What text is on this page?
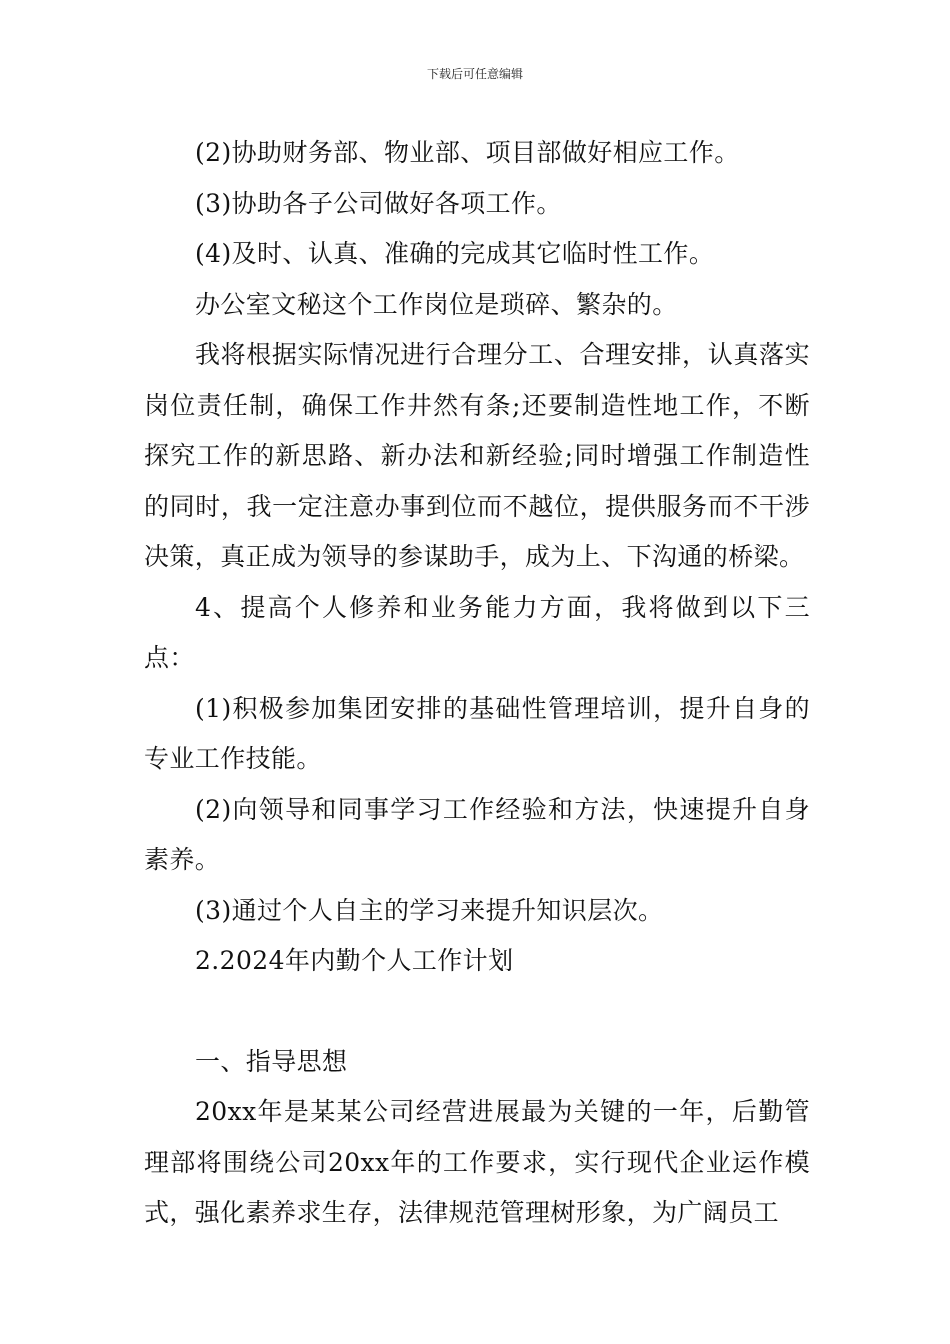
下载后可任意编辑

(2)协助财务部、物业部、项目部做好相应工作。

(3)协助各子公司做好各项工作。

(4)及时、认真、准确的完成其它临时性工作。

办公室文秘这个工作岗位是琐碎、繁杂的。

我将根据实际情况进行合理分工、合理安排，认真落实岗位责任制，确保工作井然有条;还要制造性地工作，不断探究工作的新思路、新办法和新经验;同时增强工作制造性的同时，我一定注意办事到位而不越位，提供服务而不干涉决策，真正成为领导的参谋助手，成为上、下沟通的桥梁。

4、提高个人修养和业务能力方面，我将做到以下三点：

(1)积极参加集团安排的基础性管理培训，提升自身的专业工作技能。

(2)向领导和同事学习工作经验和方法，快速提升自身素养。

(3)通过个人自主的学习来提升知识层次。

2.2024年内勤个人工作计划

一、指导思想

20xx年是某某公司经营进展最为关键的一年，后勤管理部将围绕公司20xx年的工作要求，实行现代企业运作模式，强化素养求生存，法律规范管理树形象，为广阔员工
